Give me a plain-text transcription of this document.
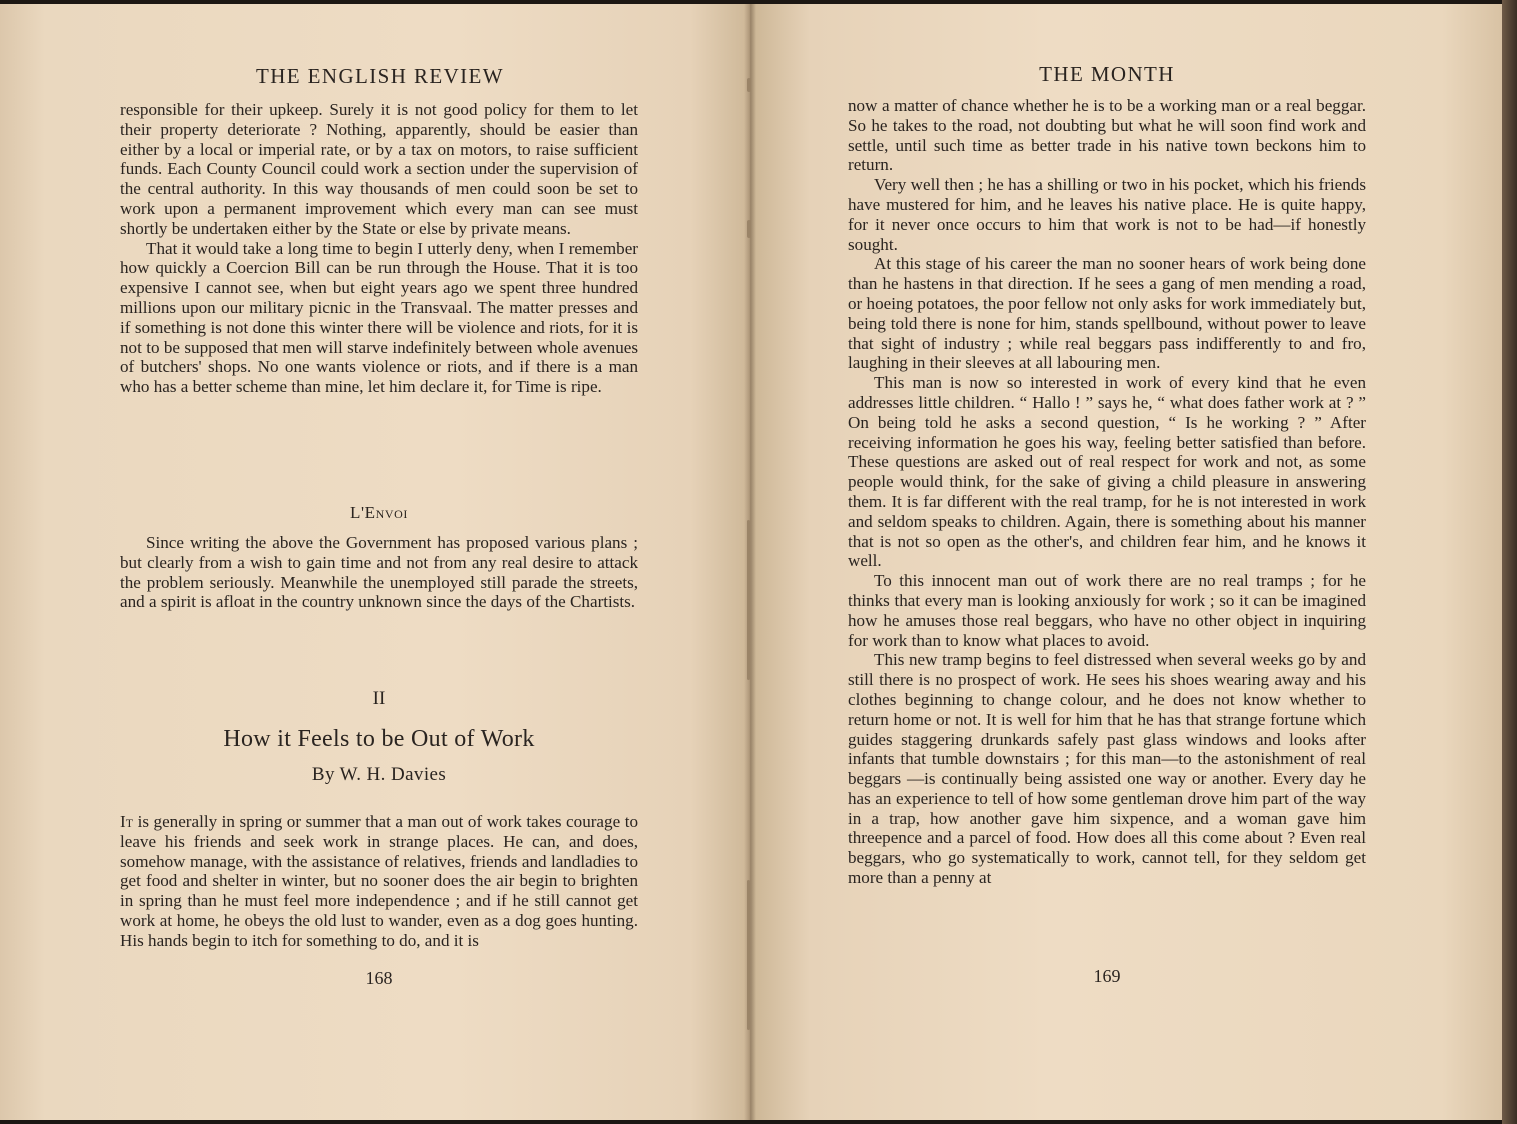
THE ENGLISH REVIEW

responsible for their upkeep. Surely it is not good policy for them to let their property deteriorate ? Nothing, apparently, should be easier than either by a local or imperial rate, or by a tax on motors, to raise sufficient funds. Each County Council could work a section under the supervision of the central authority. In this way thousands of men could soon be set to work upon a permanent improvement which every man can see must shortly be undertaken either by the State or else by private means.

That it would take a long time to begin I utterly deny, when I remember how quickly a Coercion Bill can be run through the House. That it is too expensive I cannot see, when but eight years ago we spent three hundred millions upon our military picnic in the Transvaal. The matter presses and if something is not done this winter there will be violence and riots, for it is not to be supposed that men will starve indefinitely between whole avenues of butchers' shops. No one wants violence or riots, and if there is a man who has a better scheme than mine, let him declare it, for Time is ripe.

L'Envoi

Since writing the above the Government has proposed various plans ; but clearly from a wish to gain time and not from any real desire to attack the problem seriously. Meanwhile the unemployed still parade the streets, and a spirit is afloat in the country unknown since the days of the Chartists.

II
How it Feels to be Out of Work
By W. H. Davies

It is generally in spring or summer that a man out of work takes courage to leave his friends and seek work in strange places. He can, and does, somehow manage, with the assistance of relatives, friends and landladies to get food and shelter in winter, but no sooner does the air begin to brighten in spring than he must feel more independence ; and if he still cannot get work at home, he obeys the old lust to wander, even as a dog goes hunting. His hands begin to itch for something to do, and it is

168
THE MONTH

now a matter of chance whether he is to be a working man or a real beggar. So he takes to the road, not doubting but what he will soon find work and settle, until such time as better trade in his native town beckons him to return.

Very well then ; he has a shilling or two in his pocket, which his friends have mustered for him, and he leaves his native place. He is quite happy, for it never once occurs to him that work is not to be had—if honestly sought.

At this stage of his career the man no sooner hears of work being done than he hastens in that direction. If he sees a gang of men mending a road, or hoeing potatoes, the poor fellow not only asks for work immediately but, being told there is none for him, stands spellbound, without power to leave that sight of industry ; while real beggars pass indifferently to and fro, laughing in their sleeves at all labouring men.

This man is now so interested in work of every kind that he even addresses little children. “ Hallo ! ” says he, “ what does father work at ? ” On being told he asks a second question, “ Is he working ? ” After receiving information he goes his way, feeling better satisfied than before. These questions are asked out of real respect for work and not, as some people would think, for the sake of giving a child pleasure in answering them. It is far different with the real tramp, for he is not interested in work and seldom speaks to children. Again, there is something about his manner that is not so open as the other's, and children fear him, and he knows it well.

To this innocent man out of work there are no real tramps ; for he thinks that every man is looking anxiously for work ; so it can be imagined how he amuses those real beggars, who have no other object in inquiring for work than to know what places to avoid.

This new tramp begins to feel distressed when several weeks go by and still there is no prospect of work. He sees his shoes wearing away and his clothes beginning to change colour, and he does not know whether to return home or not. It is well for him that he has that strange fortune which guides staggering drunkards safely past glass windows and looks after infants that tumble downstairs ; for this man—to the astonishment of real beggars —is continually being assisted one way or another. Every day he has an experience to tell of how some gentleman drove him part of the way in a trap, how another gave him sixpence, and a woman gave him threepence and a parcel of food. How does all this come about ? Even real beggars, who go systematically to work, cannot tell, for they seldom get more than a penny at

169
